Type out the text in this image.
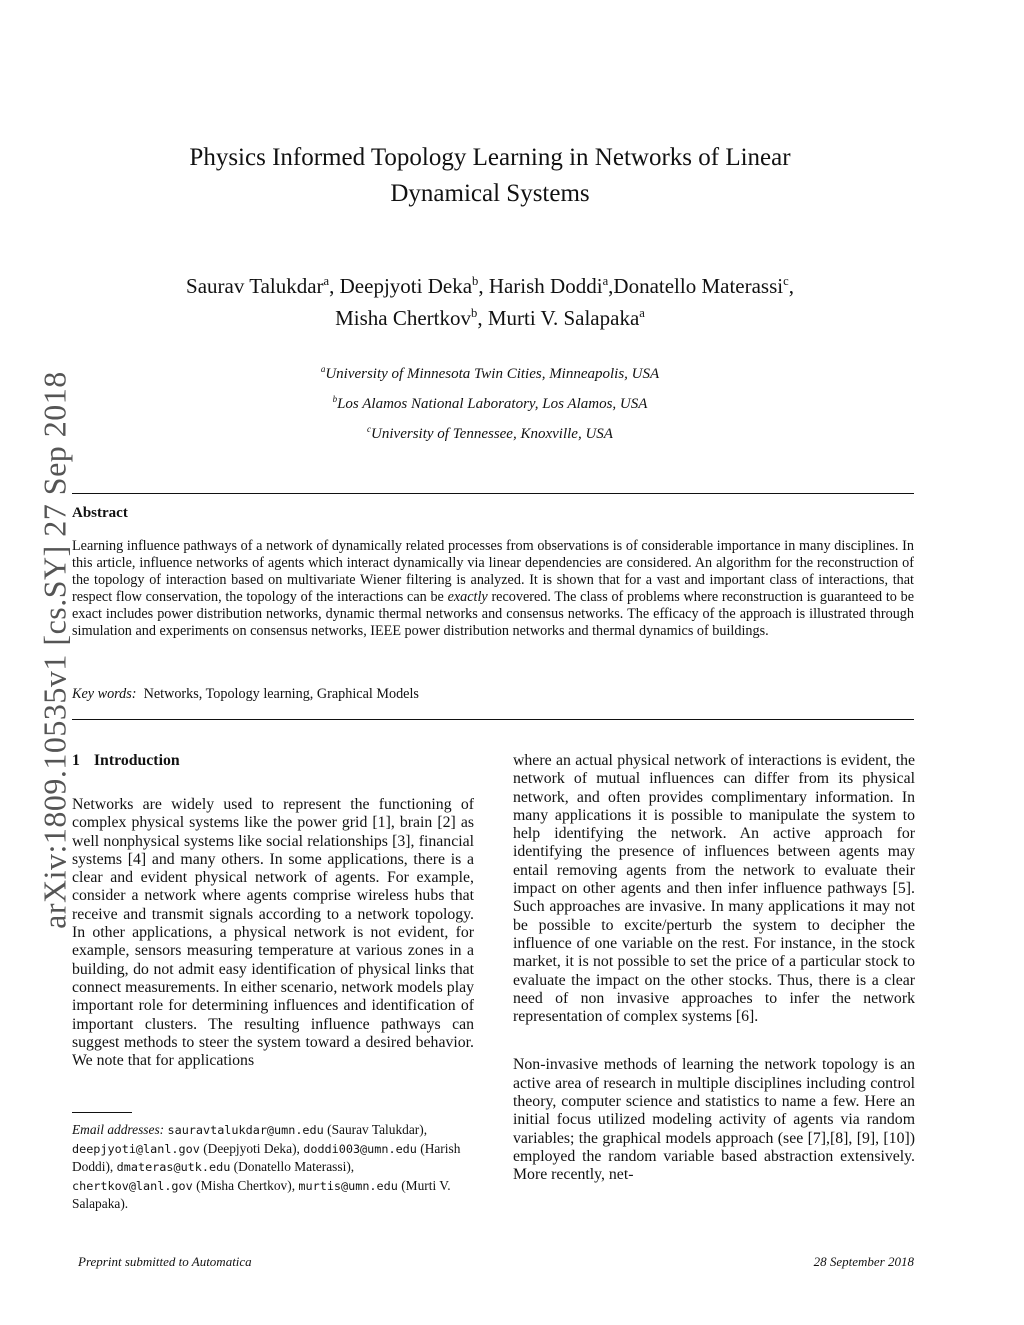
arXiv:1809.10535v1 [cs.SY] 27 Sep 2018
Physics Informed Topology Learning in Networks of Linear
Dynamical Systems
Saurav Talukdar$^a$, Deepjyoti Deka$^b$, Harish Doddi$^a$,Donatello Materassi$^c$,
Misha Chertkov$^b$, Murti V. Salapaka$^a$
$^a$University of Minnesota Twin Cities, Minneapolis, USA
$^b$Los Alamos National Laboratory, Los Alamos, USA
$^c$University of Tennessee, Knoxville, USA
Abstract
Learning influence pathways of a network of dynamically related processes from observations is of considerable importance in many disciplines. In this article, influence networks of agents which interact dynamically via linear dependencies are considered. An algorithm for the reconstruction of the topology of interaction based on multivariate Wiener filtering is analyzed. It is shown that for a vast and important class of interactions, that respect flow conservation, the topology of the interactions can be exactly recovered. The class of problems where reconstruction is guaranteed to be exact includes power distribution networks, dynamic thermal networks and consensus networks. The efficacy of the approach is illustrated through simulation and experiments on consensus networks, IEEE power distribution networks and thermal dynamics of buildings.
Key words: Networks, Topology learning, Graphical Models
1 Introduction

Networks are widely used to represent the functioning of complex physical systems like the power grid [1], brain [2] as well nonphysical systems like social relationships [3], financial systems [4] and many others. In some applications, there is a clear and evident physical network of agents. For example, consider a network where agents comprise wireless hubs that receive and transmit signals according to a network topology. In other applications, a physical network is not evident, for example, sensors measuring temperature at various zones in a building, do not admit easy identification of physical links that connect measurements. In either scenario, network models play important role for determining influences and identification of important clusters. The resulting influence pathways can suggest methods to steer the system toward a desired behavior. We note that for applications

where an actual physical network of interactions is evident, the network of mutual influences can differ from its physical network, and often provides complimentary information. In many applications it is possible to manipulate the system to help identifying the network. An active approach for identifying the presence of influences between agents may entail removing agents from the network to evaluate their impact on other agents and then infer influence pathways [5]. Such approaches are invasive. In many applications it may not be possible to excite/perturb the system to decipher the influence of one variable on the rest. For instance, in the stock market, it is not possible to set the price of a particular stock to evaluate the impact on the other stocks. Thus, there is a clear need of non invasive approaches to infer the network representation of complex systems [6].

Non-invasive methods of learning the network topology is an active area of research in multiple disciplines including control theory, computer science and statistics to name a few. Here an initial focus utilized modeling activity of agents via random variables; the graphical models approach (see [7],[8], [9], [10]) employed the random variable based abstraction extensively. More recently, net-

Email addresses: sauravtalukdar@umn.edu (Saurav Talukdar), deepjyoti@lanl.gov (Deepjyoti Deka), doddi003@umn.edu (Harish Doddi), dmateras@utk.edu (Donatello Materassi), chertkov@lanl.gov (Misha Chertkov), murtis@umn.edu (Murti V. Salapaka).
Preprint submitted to Automatica	28 September 2018
